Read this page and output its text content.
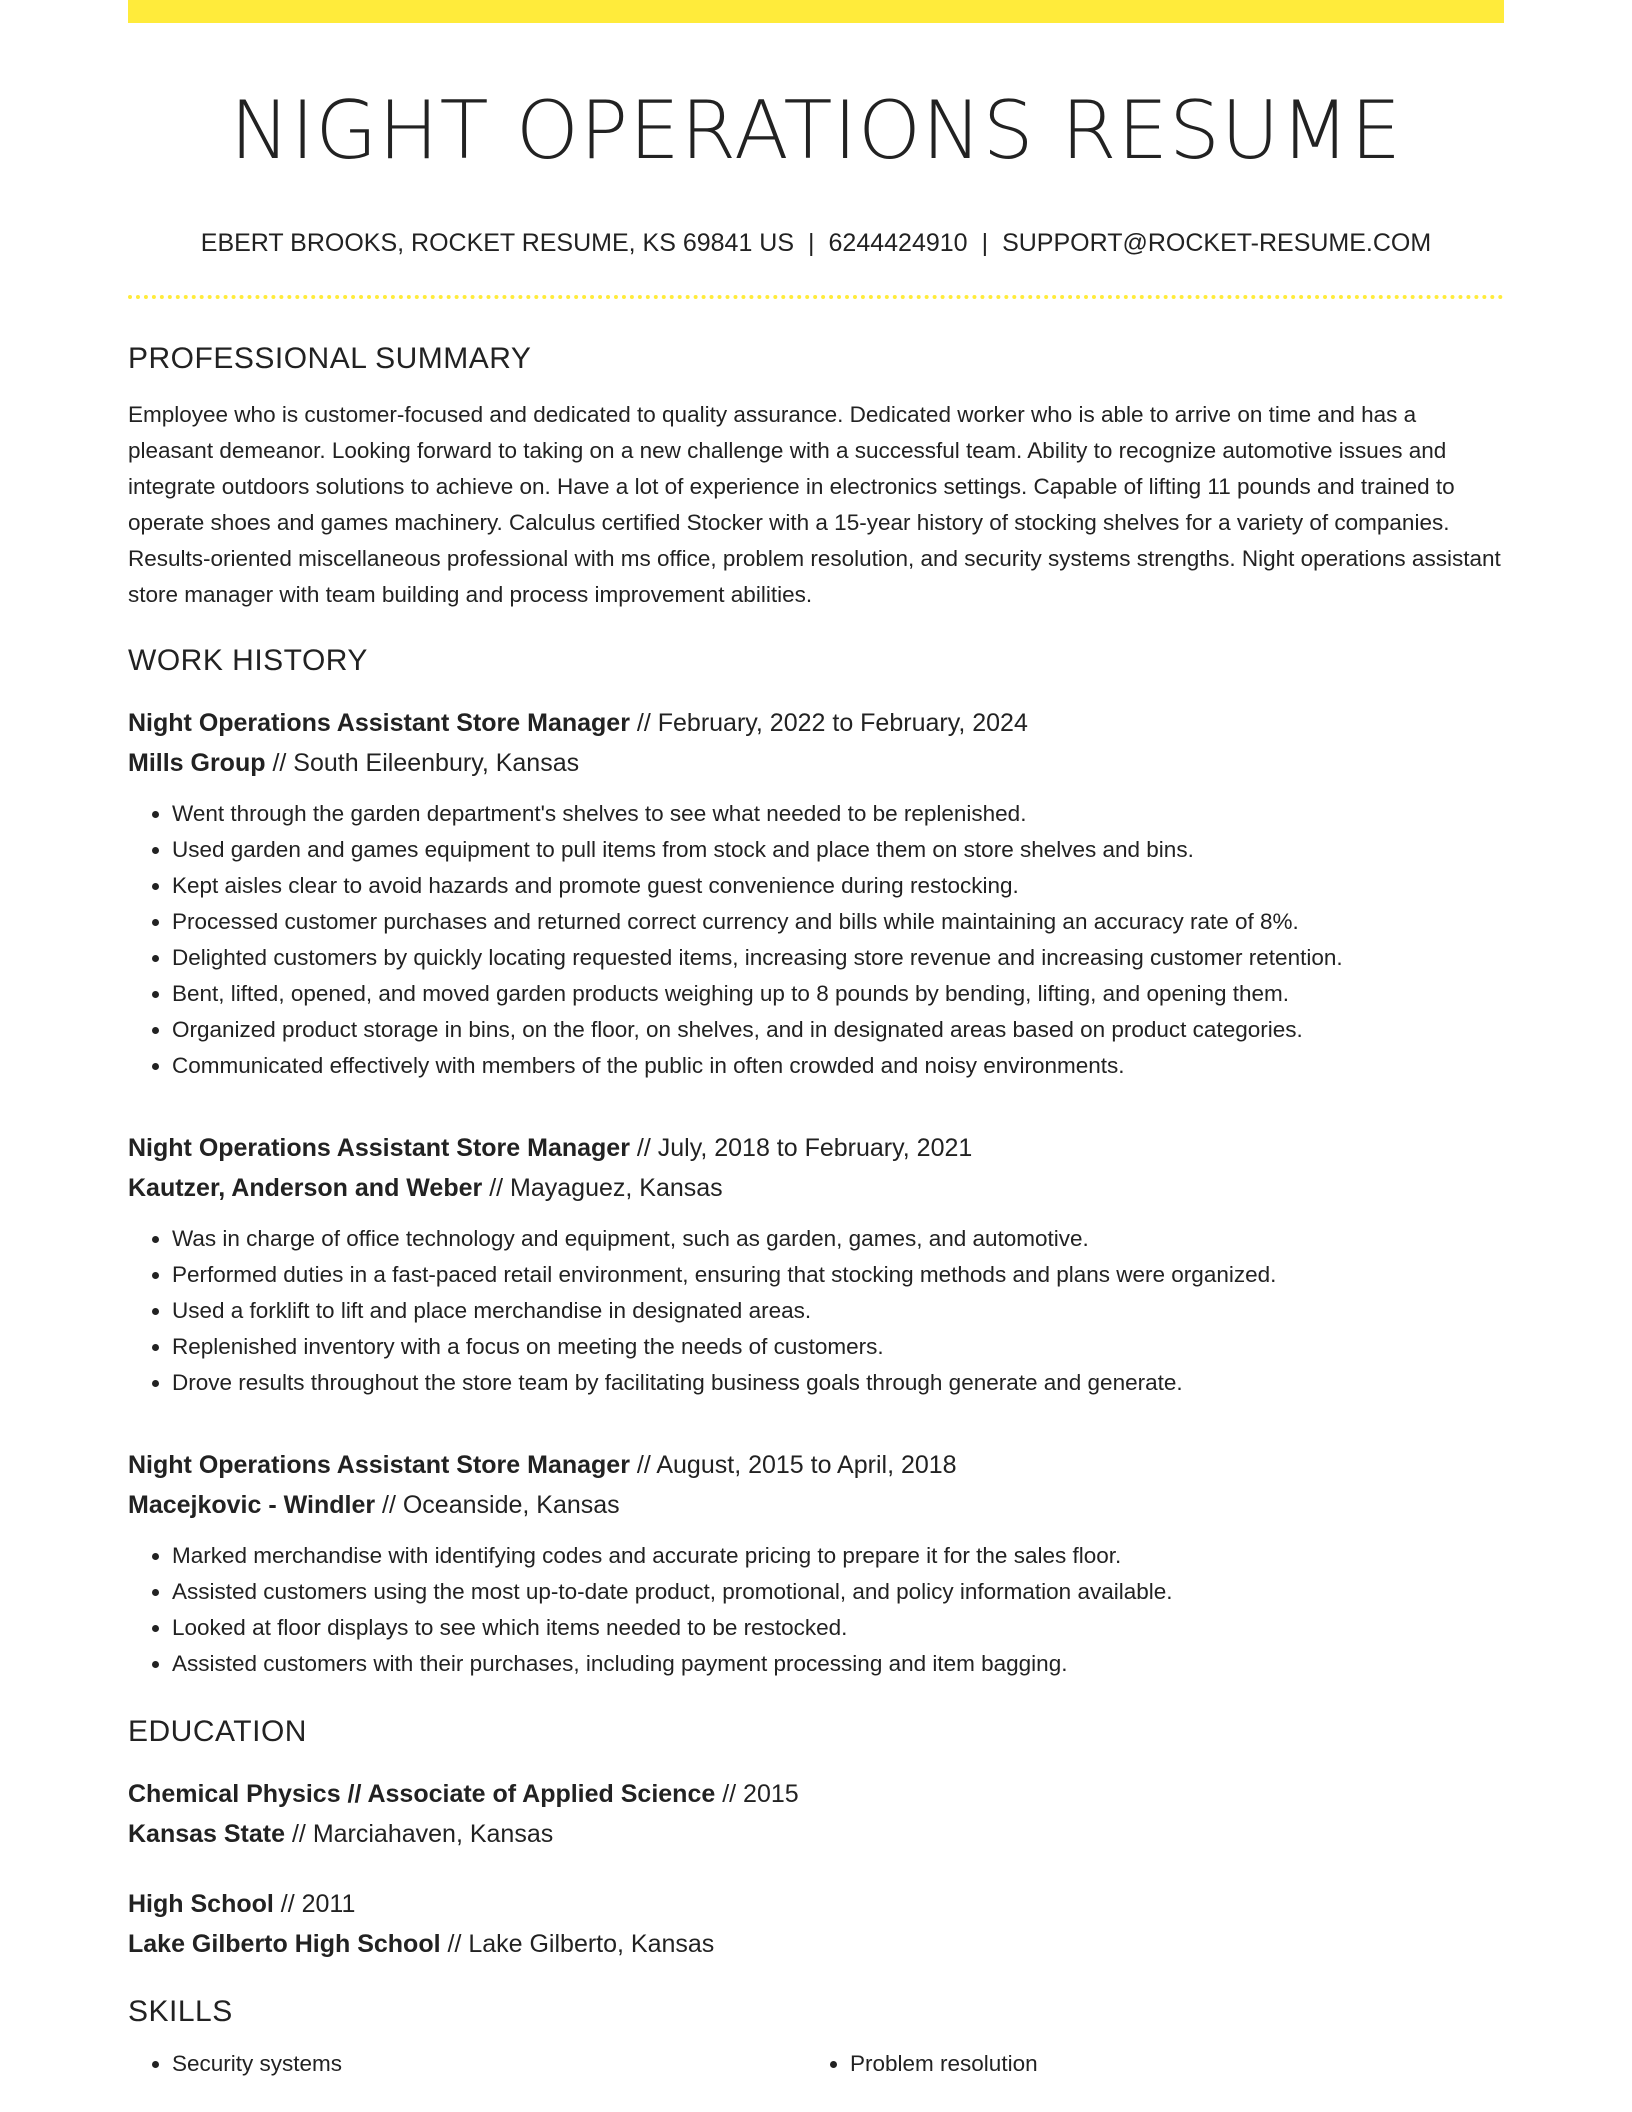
NIGHT OPERATIONS RESUME
EBERT BROOKS, ROCKET RESUME, KS 69841 US | 6244424910 | SUPPORT@ROCKET-RESUME.COM
PROFESSIONAL SUMMARY
Employee who is customer-focused and dedicated to quality assurance. Dedicated worker who is able to arrive on time and has a pleasant demeanor. Looking forward to taking on a new challenge with a successful team. Ability to recognize automotive issues and integrate outdoors solutions to achieve on. Have a lot of experience in electronics settings. Capable of lifting 11 pounds and trained to operate shoes and games machinery. Calculus certified Stocker with a 15-year history of stocking shelves for a variety of companies. Results-oriented miscellaneous professional with ms office, problem resolution, and security systems strengths. Night operations assistant store manager with team building and process improvement abilities.
WORK HISTORY
Night Operations Assistant Store Manager // February, 2022 to February, 2024
Mills Group // South Eileenbury, Kansas
• Went through the garden department's shelves to see what needed to be replenished.
• Used garden and games equipment to pull items from stock and place them on store shelves and bins.
• Kept aisles clear to avoid hazards and promote guest convenience during restocking.
• Processed customer purchases and returned correct currency and bills while maintaining an accuracy rate of 8%.
• Delighted customers by quickly locating requested items, increasing store revenue and increasing customer retention.
• Bent, lifted, opened, and moved garden products weighing up to 8 pounds by bending, lifting, and opening them.
• Organized product storage in bins, on the floor, on shelves, and in designated areas based on product categories.
• Communicated effectively with members of the public in often crowded and noisy environments.
Night Operations Assistant Store Manager // July, 2018 to February, 2021
Kautzer, Anderson and Weber // Mayaguez, Kansas
• Was in charge of office technology and equipment, such as garden, games, and automotive.
• Performed duties in a fast-paced retail environment, ensuring that stocking methods and plans were organized.
• Used a forklift to lift and place merchandise in designated areas.
• Replenished inventory with a focus on meeting the needs of customers.
• Drove results throughout the store team by facilitating business goals through generate and generate.
Night Operations Assistant Store Manager // August, 2015 to April, 2018
Macejkovic - Windler // Oceanside, Kansas
• Marked merchandise with identifying codes and accurate pricing to prepare it for the sales floor.
• Assisted customers using the most up-to-date product, promotional, and policy information available.
• Looked at floor displays to see which items needed to be restocked.
• Assisted customers with their purchases, including payment processing and item bagging.
EDUCATION
Chemical Physics // Associate of Applied Science // 2015
Kansas State // Marciahaven, Kansas
High School // 2011
Lake Gilberto High School // Lake Gilberto, Kansas
SKILLS
• Security systems
•	Problem resolution
